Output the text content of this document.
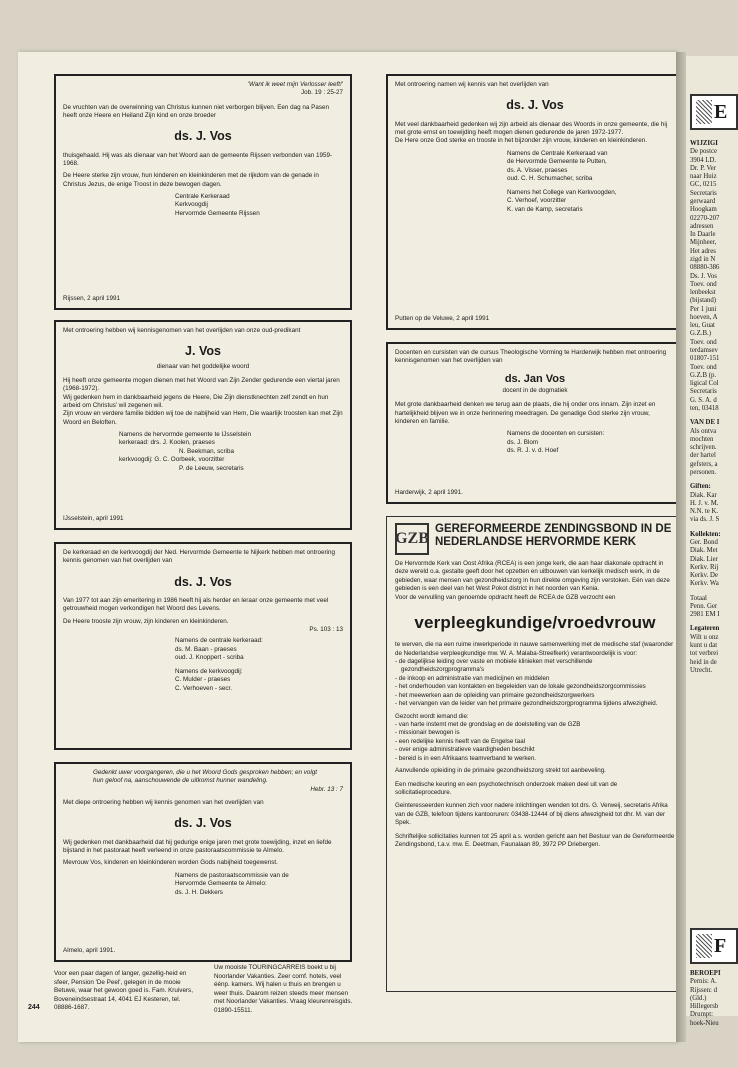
'Want ik weet mijn Verlosser leeft!'
Job. 19 : 25-27

De vruchten van de overwinning van Christus kunnen niet verborgen blijven. Een dag na Pasen heeft onze Heere en Heiland Zijn kind en onze broeder

ds. J. Vos

thuisgehaald. Hij was als dienaar van het Woord aan de gemeente Rijssen verbonden van 1959-1968.

De Heere sterke zijn vrouw, hun kinderen en kleinkinderen met de rijkdom van de genade in Christus Jezus, de enige Troost in deze bewogen dagen.

Centrale Kerkeraad
Kerkvoogdij
Hervormde Gemeente Rijssen
Rijssen, 2 april 1991

Met ontroering hebben wij kennisgenomen van het overlijden van onze oud-predikant

J. Vos
dienaar van het goddelijke woord

Hij heeft onze gemeente mogen dienen met het Woord van Zijn Zender gedurende een viertal jaren (1968-1972).

Wij gedenken hem in dankbaarheid jegens de Heere, Die Zijn dienstknechten zelf zendt en hun arbeid om Christus' wil zegenen wil.

Zijn vrouw en verdere familie bidden wij toe de nabijheid van Hem, Die waarlijk troosten kan met Zijn Woord en Beloften.

Namens de hervormde gemeente te IJsselstein
kerkeraad: drs. J. Koolen, praeses
N. Beekman, scriba
kerkvoogdij: G. C. Oorbeek, voorzitter
P. de Leeuw, secretaris
IJsselstein, april 1991

De kerkeraad en de kerkvoogdij der Ned. Hervormde Gemeente te Nijkerk hebben met ontroering kennis genomen van het overlijden van

ds. J. Vos

Van 1977 tot aan zijn emeritering in 1986 heeft hij als herder en leraar onze gemeente met veel getrouwheid mogen verkondigen het Woord des Levens.

De Heere trooste zijn vrouw, zijn kinderen en kleinkinderen.

Ps. 103 : 13
Namens de centrale kerkeraad:
ds. M. Baan - praeses
oud. J. Knoppert - scriba
Namens de kerkvoogdij:
C. Mulder - praeses
C. Verhoeven - secr.
Gedenkt uwer voorgangeren, die u het Woord Gods gesproken hebben; en volgt hun geloof na, aanschouwende de uitkomst hunner wandeling.
Hebr. 13 : 7

Met diepe ontroering hebben wij kennis genomen van het overlijden van

ds. J. Vos

Wij gedenken met dankbaarheid dat hij gedurige enige jaren met grote toewijding, inzet en liefde bijstand in het pastoraat heeft verleend in onze pastoraatscommissie te Almelo.

Mevrouw Vos, kinderen en kleinkinderen worden Gods nabijheid toegewenst.

Namens de pastoraatscommissie van de
Hervormde Gemeente te Almelo:
ds. J. H. Dekkers
Almelo, april 1991.
Voor een paar dagen of langer, gezellig-heid en sfeer, Pension 'De Peel', gelegen in de mooie Betuwe, waar het gewoon goed is. Fam. Kruivers, Boveneindsestraat 14, 4041 EJ Kesteren, tel. 08886-1687.
Uw mooiste TOURINGCARREIS boekt u bij Noorlander Vakanties. Zeer comf. hotels, veel éénp. kamers. Wij halen u thuis en brengen u weer thuis. Daarom reizen steeds meer mensen met Noorlander Vakanties. Vraag kleurenreisgids. 01890-15511.

Met ontroering namen wij kennis van het overlijden van

ds. J. Vos

Met veel dankbaarheid gedenken wij zijn arbeid als dienaar des Woords in onze gemeente, die hij met grote ernst en toewijding heeft mogen dienen gedurende de jaren 1972-1977.

De Here onze God sterke en trooste in het bijzonder zijn vrouw, kinderen en kleinkinderen.

Namens de Centrale Kerkeraad van
de Hervormde Gemeente te Putten,
ds. A. Visser, praeses
oud. C. H. Schumacher, scriba
Namens het College van Kerkvoogden,
C. Verhoef, voorzitter
K. van de Kamp, secretaris
Putten op de Veluwe, 2 april 1991

Docenten en cursisten van de cursus Theologische Vorming te Harderwijk hebben met ontroering kennisgenomen van het overlijden van

ds. Jan Vos
docent in de dogmatiek

Met grote dankbaarheid denken we terug aan de plaats, die hij onder ons innam. Zijn inzet en hartelijkheid blijven we in onze herinnering meedragen. De genadige God sterke zijn vrouw, kinderen en familie.

Namens de docenten en cursisten:
ds. J. Blom
ds. R. J. v. d. Hoef
Harderwijk, 2 april 1991.
GZB
GEREFORMEERDE ZENDINGSBOND IN DE NEDERLANDSE HERVORMDE KERK

De Hervormde Kerk van Oost Afrika (RCEA) is een jonge kerk, die aan haar diakonale opdracht in deze wereld o.a. gestalte geeft door het opzetten en uitbouwen van kerkelijk medisch werk, in de gebieden, waar mensen van gezondheidszorg in hun direkte omgeving zijn verstoken. Eén van deze gebieden is een deel van het West Pokot district in het noorden van Kenia.

Voor de vervulling van genoemde opdracht heeft de RCEA de GZB verzocht een

verpleegkundige/vroedvrouw

te werven, die na een ruime inwerkperiode in nauwe samenwerking met de medische staf (waaronder de Nederlandse verpleegkundige mw. W. A. Malaba-Streefkerk) verantwoordelijk is voor:

- de dagelijkse leiding over vaste en mobiele klinieken met verschillende gezondheidszorgprogramma's
- de inkoop en administratie van medicijnen en middelen
- het onderhouden van kontakten en begeleiden van de lokale gezondheidszorgcommissies
- het meewerken aan de opleiding van primaire gezondheidszorgwerkers
- het vervangen van de leider van het primaire gezondheidszorgprogramma tijdens afwezigheid.
Gezocht wordt iemand die:
- van harte instemt met de grondslag en de doelstelling van de GZB
- missionair bewogen is
- een redelijke kennis heeft van de Engelse taal
- over enige administratieve vaardigheden beschikt
- bereid is in een Afrikaans teamverband te werken.

Aanvullende opleiding in de primaire gezondheidszorg strekt tot aanbeveling.

Een medische keuring en een psychotechnisch onderzoek maken deel uit van de sollicitatieprocedure.

Geinteresseerden kunnen zich voor nadere inlichtingen wenden tot drs. G. Verweij, secretaris Afrika van de GZB, telefoon tijdens kantooruren: 03438-12444 of bij diens afwezigheid tot dhr. M. van der Spek.

Schriftelijke sollicitaties kunnen tot 25 april a.s. worden gericht aan het Bestuur van de Gereformeerde Zendingsbond, t.a.v. mw. E. Deetman, Faunalaan 89, 3972 PP Driebergen.

244
E
WIJZIGI
De postce
3904 LD.
Dr. P. Ver
naar Huiz
GC, 0215
Secretaris
gerwaard
Hoogkam
02270-207
adressen
In Daarle
Mijnheer,
Het adres
zigd in N
08880-386
Ds. J. Vos
Toev. ond
lenbeekst
(bijstand)
Per 1 juni
hoeven, A
leu, Guat
G.Z.B.)
Toev. ond
terdamsev
01807-151
Toev. ond
G.Z.B (p.
ligical Col
Secretaris
G. S. A. d
ten, 03418
VAN DE I
Als ontva
mochten
schrijven.
der hartel
gefsters, a
personen.
Giften:
Diak. Kar
H. J. v. M.
N.N. te K.
via ds. J. S
Kollekten:
Ger. Bond
Diak. Met
Diak. Lier
Kerkv. Rij
Kerkv. De
Kerkv. Wa
Totaal
Penn. Ger
2981 EM I
Legateren
Wilt u onz
kunt u dat
tot verbrei
heid in de
Utrecht.
F
BEROEPI
Pernis: A.
Rijssen: d
(Gld.)
Hillegersb
Drumpt:
hoek-Nieu
